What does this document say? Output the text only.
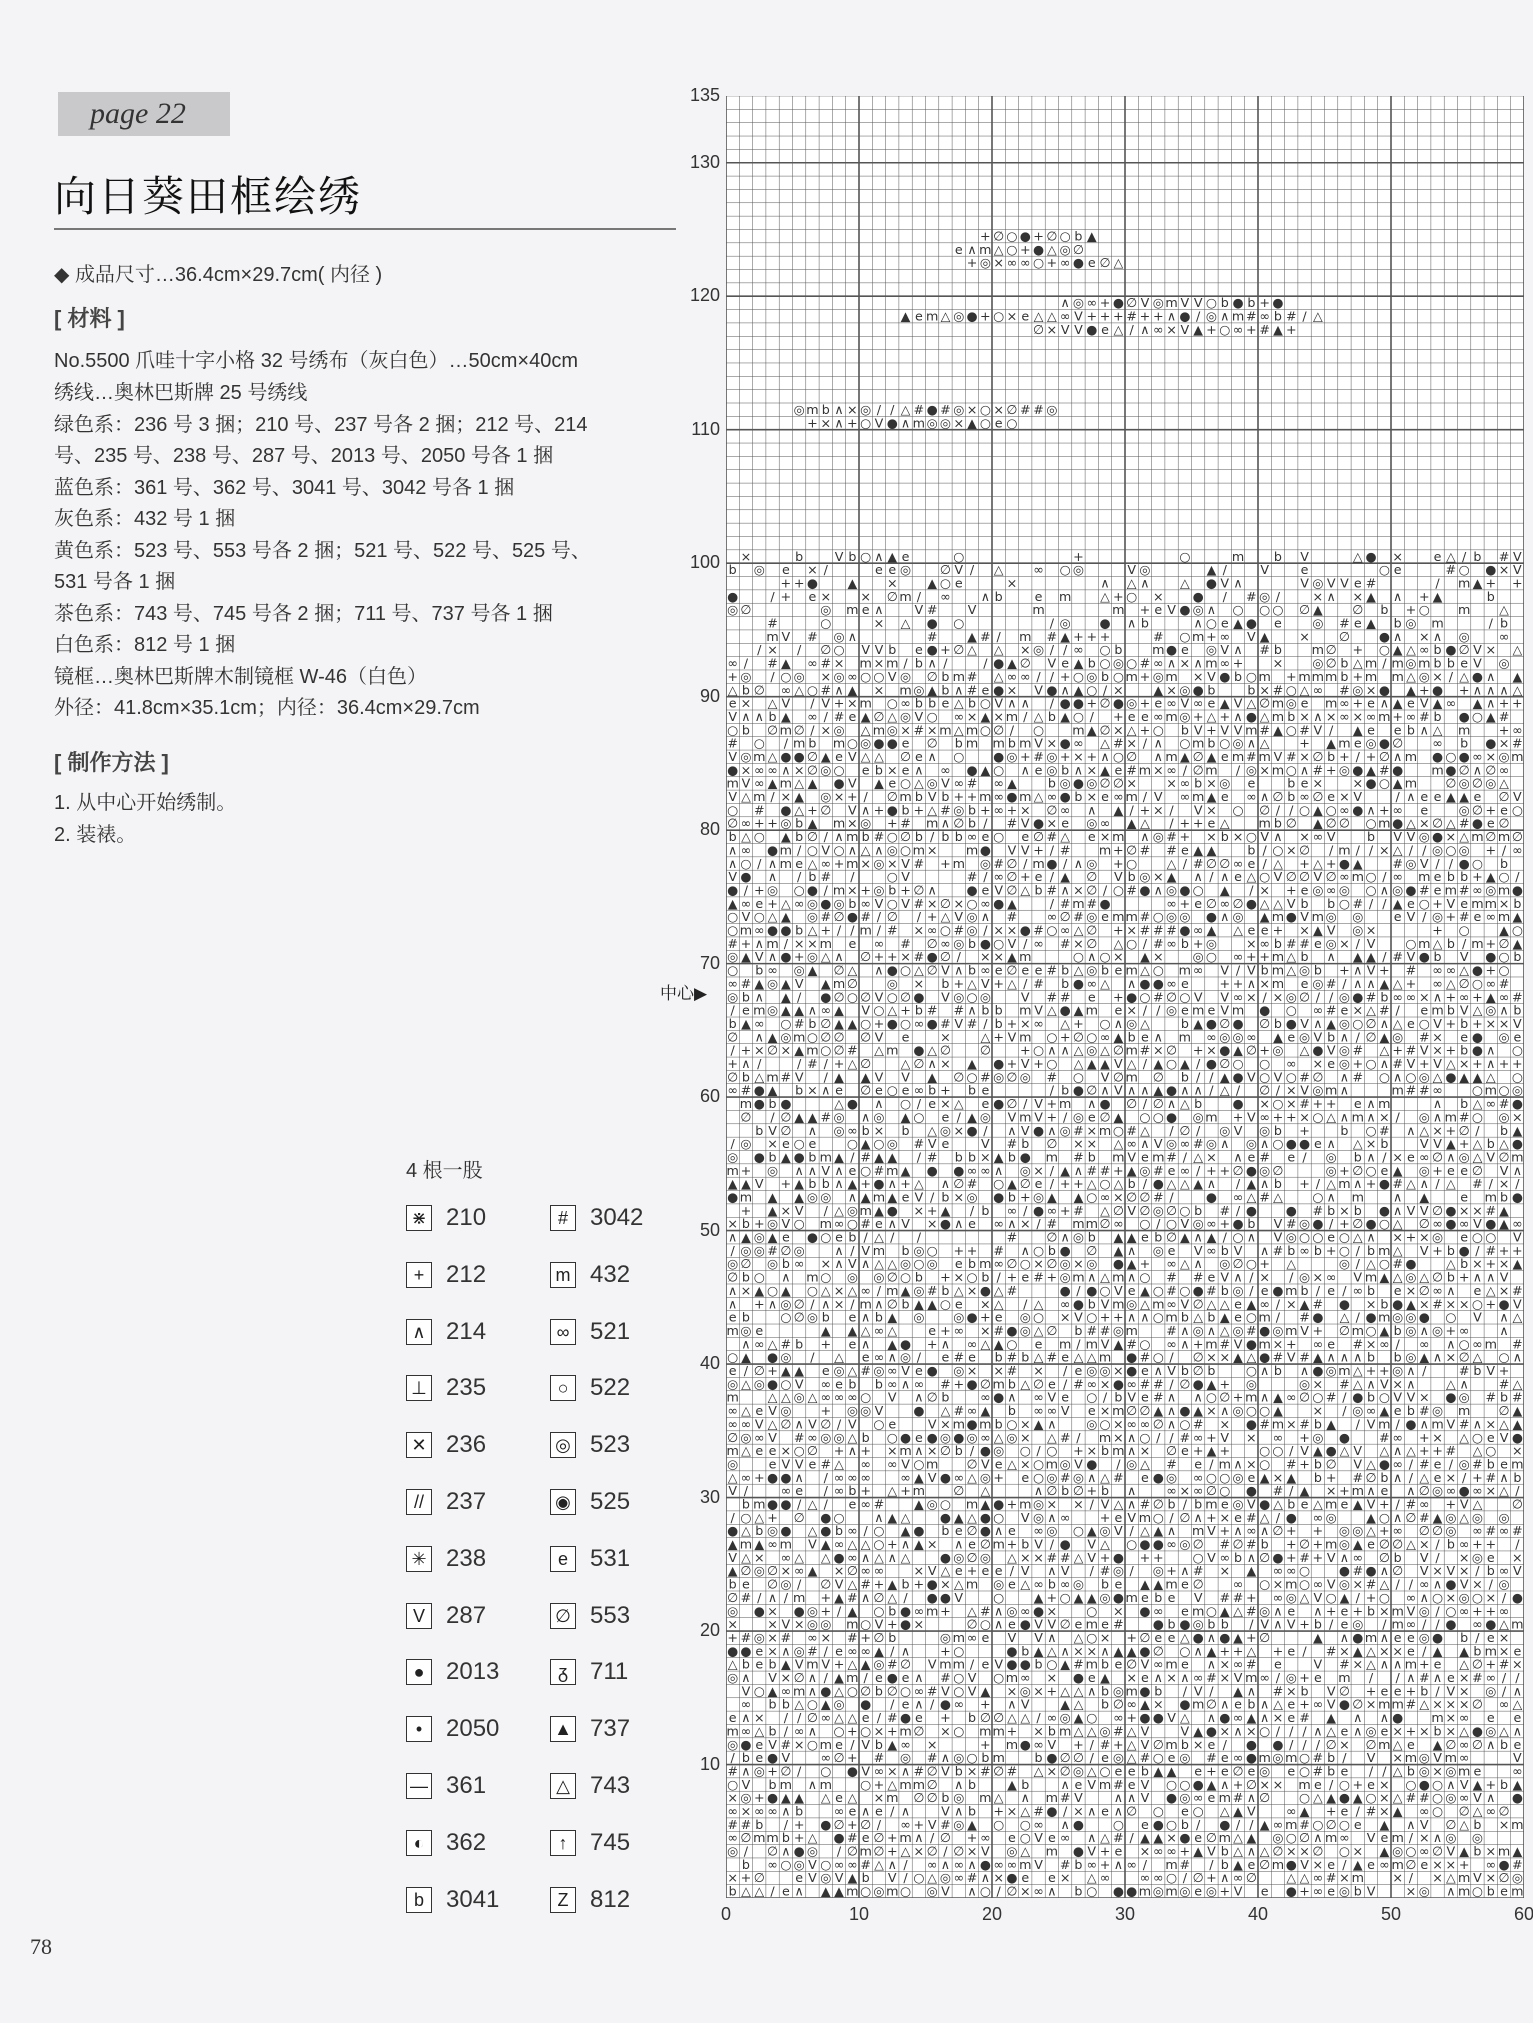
page 22
向日葵田框绘绣
◆ 成品尺寸…36.4cm×29.7cm( 内径 )
[ 材料 ]
No.5500 爪哇十字小格 32 号绣布（灰白色）…50cm×40cm
绣线…奥林巴斯牌 25 号绣线
绿色系：236 号 3 捆；210 号、237 号各 2 捆；212 号、214
号、235 号、238 号、287 号、2013 号、2050 号各 1 捆
蓝色系：361 号、362 号、3041 号、3042 号各 1 捆
灰色系：432 号 1 捆
黄色系：523 号、553 号各 2 捆；521 号、522 号、525 号、
531 号各 1 捆
茶色系：743 号、745 号各 2 捆；711 号、737 号各 1 捆
白色系：812 号 1 捆
镜框…奥林巴斯牌木制镜框 W-46（白色）
外径：41.8cm×35.1cm；内径：36.4cm×29.7cm
[ 制作方法 ]
1. 从中心开始绣制。
2. 装裱。
4 根一股
⋇ 210
+ 212
∧ 214
⊥ 235
✕ 236
// 237
✳ 238
V 287
● 2013
• 2050
— 361
◐ 362
b 3041
# 3042
m 432
∞ 521
○ 522
◎ 523
◉ 525
e 531
∅ 553
ᵹ 711
▲ 737
△ 743
↑ 745
Z 812
135
130
120
110
100
90
80
70
60
50
40
30
20
10
0	10	20	30	40	50	60
中心▶
+ ∅ ○ ● + ∅ ○ b ▲
e ∧ m △ ○ + ● △ ◎ ∅
+ ◎ × ∞ ∞ ○ + ∞ ● e ∅ △
∧ ◎ ∞ + ● ∅ V ◎ m V V ○ b ● b + ●
▲ e m △ ◎ ● + ○ × e △ △ ∞ V + + + # + + ∧ ● / ◎ ∧ m # ∞ b # / △
∅ × V V ● e △ / ∧ ∞ × V ▲ + ○ ∞ + # ▲ +
◎ m b ∧ × ◎ / / △ # ● # ◎ × ○ × ∅ # # ◎
+ × ∧ + ○ V ● ∧ m ◎ ◎ × ▲ ○ e ○
×	b V b ○ ∧ ▲ e	○	+	○	m b V	△ ● × e △ / b # V
b ◎ e × /	e e ◎ ∅ V / △ ∞ ○ ◎	V ◎	▲ /	V e	○ e	# ○ ● × V
+ + ● ▲ × ▲ ○ e	×	∧ △ ∧ △ ● V ∧	V ◎ V V e #	/ m ▲ + +
●	/ + e × × ∅ m / ∞ ∧ b	e m △ + ○ × ● / # ◎ /	× ∧ × ▲ ∧ + ▲	b
◎ ∅	◎ m e ∧ V # V	m	m + e V ● ◎ ∧ ○ ○ ○ ∅ ▲ ∅ b + ○ m △
#	○	× △ ● ○	/ ◎ ● ∧ b	∧ ○ e ▲ ● e ◎ # e ▲ b ◎ m	/ b
m V # ◎ ∧	# ▲ # / m # ▲ + + +	# ○ m + ∞ V ▲ × ∅ ● ∧ × ∧ ◎ ∞
/ × / ∅ ○ V V b e ● + ∅ △ △ × ◎ / / ∞ ○ b m ● e ◎ V ∧ # b m ∅ + ○ ▲ △ ∞ b ● ∅ V × △
∞ / # ▲ ∞ # × m × m / b ∧ /	/ ● ▲ ∅ V e ▲ b ○ ◎ ○ # ∞ ∧ × ∧ m ∞ + × ◎ ∅ b △ m / m ◎ m b b e V ◎
+ ◎ / ○ ◎ × ◎ ∞ ○ ○ V ◎ ∅ b m # △ ∞ ∞ / / + ○ ◎ b ○ m + ◎ m × V ● b ○ m + m m m b + m m △ ◎ × / △ ● ∧ ▲
△ b ∅ ∞ △ ○ # ∧ ▲ × m ◎ ▲ b ∧ # e ● × V ● ∧ ▲ ○ / × ▲ × ◎ ● b	b × # ○ △ ∞ # ◎ × ● ▲ + ● + ∧ ∧ ∧ △
e × △ V / V + × m ○ ∞ b b e △ b ○ V ∧ ∧ / ● ● + ∅ ● ◎ + e ∞ V ∞ e ▲ V △ ∅ m ◎ e m ∞ + e ∧ ▲ e V ▲ ∞ ▲ ∧ + +
V ∧ ∧ b ▲ ∞ / # e ▲ ∅ △ ◎ V ○ ∞ × ▲ × m / △ b ▲ ○ / + e e ∞ m ◎ + △ + ∧ ● △ m b × ∧ × ∞ × ∞ m + ∞ # b ● ○ ▲ #
○ b ∅ m ∅ / × ◎ △ m ◎ × # × m △ m ○ ∅ / ○ m ▲ ∅ × △ + ○ b V + V V m # ▲ ○ # V / ▲ e e b ∧ △ m + ∞
# ○ / m b m ○ ◎ ● ● e ∅ b m m b m V × ● ∞ △ # × / ∧ ○ m b ○ ◎ ∧ △ + ▲ m e ◎ ● ∅ ∞ b ● × #
V ◎ m △ ● ● ∅ ▲ e V △ △ ∅ e ∧ ○ ● ◎ + # ◎ + × + ∧ ○ ∅ ∧ m ▲ ∅ ▲ e m # m V # × ∅ b + / + ∅ ∧ m ● ○ ● ∞ × ◎ m
● × ∞ ∞ ∧ × ∅ ◎ ○ e b × e ∧ ∞ ● ▲ ○ ∧ e ◎ b ∧ × ▲ e # m × ∞ / ∅ m / ◎ × m ○ ∧ # + ◎ ● ▲ # ● m ● ∅ ∧ ∅ ∞
m V ∞ ▲ m △ ▲ ● V ▲ e ○ △ ◎ V ∞ # ∞ ▲ b ◎ ● ◎ ∅ ∅ × × ∞ b × ◎ e	b e × × ● ○ ▲ m ∅ ◎ ∅ ◎ △
V △ m / × ▲ ◎ × + / ∅ m b V b + + m ∞ ● m △ ∞ ● b × e ∞ m / V ∞ m ▲ e ∞ ∧ ∅ b ∞ ∅ e × V	/ ∧ e e ▲ ▲ e ∅ V
○ # ● △ + ∅ V ∧ + ● b + △ # ◎ b + ∞ + × ∅ ∞ ∧ ▲ / + × / V × ○ ∅ / / ○ ▲ ○ ∞ ● ∧ + ∞ e ◎ ∅ + e ○
∅ ∞ + + ◎ b ▲ m × ◎ + # m ∧ ∅ b / # V ● × e ◎ ∞ ▲ △ / + + e △ m b ∅ ▲ ∅ ∅ ○ m ● △ × ∅ △ # ● e ∅
b △ ○ ▲ b ∅ / ∧ m b # ○ ∅ b / b b ∞ e ○ e ∅ # △ e × m ∧ ◎ # + × b × ○ V ∧ × ∞ V b V V ◎ ● × △ m ∅ m ∅
∧ ∞ ● m / ○ V ○ ∧ △ ∧ ◎ ○ m × m ● V V + / # m + ∅ # # e ▲ ▲ b / ○ × ∅ / m / / × △ / / ◎ ○ ◎ + / ∞
∧ ○ / ∧ m e △ ∞ + m × ◎ × V # + m ◎ # ∅ / m ● / ∧ ◎ + ○ △ / # ∅ ∅ ∞ e / △ + △ + ● ▲ # ◎ V / / ● ○ b
V ● ∧ / b # /	○ V	# / ∞ ∅ + e / ▲ ∅ V b ◎ × ▲ ∧ / ∧ e △ ○ V ∅ ∅ V ∅ ∞ m ○ / ∞ m e b b + ▲ ○ /
● / + ◎ ○ ● / m × + ◎ b + ∅ ∧ ● e V ∅ △ b # ∧ × ∅ / ○ # ● ∧ ◎ ● ○ ▲ / × + e ◎ ∞ ◎ ○ ∧ ◎ ● # e m # ∞ ◎ m ●
▲ ∞ e + △ ∞ ◎ ● ◎ b ∞ V ○ V # × ∅ × ○ ∞ ● ▲	/ # m # ●	∞ + e ∅ ∞ ∅ ● △ △ V b b ○ # / / ▲ e ○ + V e m m × b
○ V ○ △ ▲ ◎ # ∅ ● # / ∅ / + △ V ◎ ∧ # ∞ ∅ # ◎ e m m # ○ ◎ ◎ ● ∧ ◎ ▲ m ● V m ◎ ◎ e V / ◎ + # e ∞ m ▲
○ m ∞ ● ● b △ + / / m / # × ∞ ○ # ◎ / × × ● # ○ ∞ △ ∅ + × # # # ● ∞ ▲ △ e e + × ▲ V ◎ ×	+ ○ ▲ ○
# + ∧ m / × × m e ∞ # ∅ ∞ ◎ b ● ○ V / ∞ # × ∅ △ ○ / # ∞ b + ◎ × ∞ b # # e ◎ × / V ○ m △ b / m + ∅ ▲
◎ ▲ V ∧ ● + ◎ △ ∧ ∅ + + × # ● ∅ / × × ▲ m	○ ∧ ○ × ▲ × ◎ ○ ∞ + + m △ b ∧ ▲ ▲ / # V ● b V ● ○ b
○ b ∞ ◎ ▲ ∅ △ ∧ ● ○ △ ∅ V ∧ b ∞ e ∅ e e # b △ ◎ b e m △ ○ m ∞ V / V b m △ ◎ b + ∧ V + # ∞ ∞ △ ● + ○
∞ # ▲ ◎ ▲ V ▲ m ∅ ◎ × b + △ V + △ / # b ● ∞ △ ∧ ● ● ∞ e + + ∧ × m e ◎ # / ∧ ∧ ▲ △ + ∞ △ ∅ ○ ∞ #
◎ b ∧ ▲ / ● ∅ ○ ∅ V ○ ∅ ● V ◎ ○ ◎ V # # e + ● ○ # ∅ ○ V V ∞ × / × ◎ ∅ / / ◎ ● # b ∞ ∞ × ∧ + ∞ + ▲ ∞ #
/ e m ◎ ▲ ▲ ∧ ∞ ▲ V ○ △ + b # # ∧ b b m V △ ● ▲ m e × / / ◎ e m e V m ● ○ ∞ # e × △ # / e m b V △ ◎ ∧ b
b ▲ ∞ ○ # b ∅ ▲ ▲ ○ + ● ○ ∞ ● # V # / b + × ∞ △ + ○ ∧ ◎ △ b ▲ ● ∅ ● ∅ b ● V ∧ ▲ ◎ ○ ∅ ∧ △ e ○ V + b + × × V
∅ ∧ ▲ ◎ m ○ ∅ ∅ ∅ V e × △ + V m ○ + ∅ ○ ∞ ▲ b e ∧ m ∞ ◎ ◎ ∞ ▲ e ◎ V b ∧ / ∅ ▲ ◎ # × e ● ◎ e
/ + × ∅ × ▲ m ○ ∅ # △ m ● △ ∅ ∅ + ○ ∧ ∧ △ ◎ △ ∅ m # × ∅ + × ● ▲ ∅ + ◎ △ ● V ◎ # △ + # V × + b ● ∧ ○
+ ∧ /	/ # / + △ ∅ △ ∅ ∧ × ▲ ● + V + ○ △ ▲ ▲ V △ / ▲ ○ ▲ / ● ∅ ○ ○ ∞ × e ◎ + ○ ∧ # V + V △ × + ∧ + +
∅ b △ m # V / ▲ ▲ V V ▲ ∅ ○ # ◎ ∅ ◎ # ○ V ∅ m ∅ b / / ▲ ● V ○ V ○ # ∅ ∧ # ○ ∧ ○ ◎ △ ● ▲ ▲ △ ○
∞ # ● ▲ b × ∧ e ∅ e ○ e ∞ b + b e	/ b ● ∅ ∧ V ∧ ∧ ▲ ● ∧ ∧ / △ / ∅ / × V ◎ m ∧	m # # ∞ ○ m ○ ◎
m ● b ●	△ ● ∧ ○ / e × △ e ● ∅ / V + m ∧ ● ∅ / ∅ ∧ △ b ● × ○ × # + + e ∧ m	∧ b △ ∞ # ●
∅ / ∅ ▲ ▲ # ◎ ∧ ◎ ▲ ○ e / ▲ ◎ V m V + / ◎ e ∅ ▲ ○ ○ ● ◎ m + V ∞ + + × ○ △ ∧ m ∧ × / ◎ ∧ m # ○ ◎ ×
b V ∅ ∧ ◎ ∞ b × b △ ◎ × ● / ∧ V ● ∧ ◎ # × m ○ # △ / ∅ / ◎ V ◎ b + b ○ # ∧ △ × + ∅ / b ▲
/ ◎ × e ○ e ○ ▲ ○ ◎ # V e V # b ∅ × × △ ∞ ∧ V ◎ ∞ # ◎ ∧ ◎ ∧ ○ ● ● e ∧ △ × b V V ▲ + △ b △ ●
◎ ● b ▲ ● b m ▲ / # ▲ ▲ / # b b × ▲ b ● m # b m V e m # / △ × ∧ e # e / ◎ b ∧ / × e ∞ ∅ ∧ ◎ △ V ∅ m
m + ◎ ∧ ∧ V ∧ e ○ # m ▲ ● ● ∞ ∞ ∧ ◎ × / ▲ ∧ # # + ▲ ◎ # e ∞ / + + ∅ ● ◎ ∅	◎ + ∅ ○ e ▲ ◎ + e e ∅ V ∧
▲ ▲ V + ▲ b b ∧ ▲ + ● ∧ + △ ∧ ∅ # ○ ▲ ∅ e / + + △ ○ △ b / ● △ △ ▲ ∧ / ▲ ∧ b + / △ m ∧ + ● # △ ∧ / △ # / × /
● m ▲ ▲ ◎ ◎ ∧ ▲ m ▲ e V / b × ◎ ● b + ◎ ▲ ▲ ○ ∞ × ∅ ∅ # /	● ∞ △ # △ ○ ∧ m ∧ ▲ e m b ●
+ ▲ × V / △ ◎ m ▲ ● × + ▲ / b ∞ / ● ∞ + # △ ∅ V ∅ ◎ ∅ ○ b # / ● ● # b × b ● ∧ V V ∅ ● × × # ▲
× b + ◎ V ○ m ∞ ○ # e ∧ V × ● ∧ e ∞ ∧ × / # m m ∅ ∞ ○ / ○ V ◎ ∞ + ● b V # ◎ ● / + ∅ ● ○ △ ∅ ∞ ● ∞ V ● ▲ ∞
∧ ▲ ◎ ▲ e ● ○ e b / △ / /	# ∅ ∧ ◎ b ▲ ▲ e b ∅ ▲ ∧ ▲ / ○ ∧ V ◎ ○ ○ e ○ △ ∧ × + × ◎ e ○ ○ V
/ ◎ ◎ # ∅ ◎ ∧ / V m b ◎ ○ + + # ∧ ○ b ● ∅ ▲ ∧ ◎ e V ∞ b V ∧ # b ∞ b + ○ / b m △ V + b ● / # + +
◎ ∅ ◎ b ∞ × ∧ V ∧ △ △ ◎ ○ ◎ e b m ∞ ∅ ○ × ∅ ◎ × ◎ ● ▲ + ∞ △ ∧ ◎ ∅ ○ + △	◎ / △ ○ # ● △ b × + × ▲
∅ b ○ ∧ m ○ ◎ ◎ ∅ ○ b + × ○ b / + e # + ◎ m ∧ △ m ∧ ○ # # e V ∧ / × / ◎ × ∞ V m ▲ △ ◎ △ ∅ b + ∧ ∧ V
∧ × ▲ ○ ▲ ○ △ × △ ∞ / m ▲ ◎ # b △ × ● △ #	● / ● ○ V e ▲ ○ # ○ ● # b ◎ / e ● m b / e / ∞ b e × ∅ ∞ ∧ e △ × #
∧ + ∧ ◎ ∅ / ∧ × / m ∧ ∅ b ▲ ▲ ○ e × △ / △ ∞ ● b V m ◎ △ m ∞ V ∅ △ △ e ▲ ∞ / × ▲ # ● × b ● ▲ × # × × ○ + ● V
e b ○ ∅ ◎ b e ∧ b ▲ ◎ ◎ ● + e ◎ ○ × V ○ + + ∧ ∧ ○ m b △ b ▲ e ○ m / # ● △ / ● m ◎ ◎ ● ○ V ∧ △
m ◎ e	▲ ▲ △ ∞ △ e + ∞ × # ● ◎ △ ∅ b # # ◎ m # ∧ ◎ ∧ △ ◎ # ● ◎ m V + ∅ m ○ ▲ b ◎ ∧ ◎ + ∞ ∧
∧ ∞ △ # b + e ∧ ▲ ● + ∧ ∞ △ ▲ ○ e m / m V ▲ # ○ ∞ ∧ + m # V ● m × + ∞ e # × ∞ / ∞ ∧ ○ ∞ m #
○ ▲ ● ◎ / △ e ∞ ∧ ◎ / e # e b # b △ # e △ △ m ● # ○ / ∅ × × ▲ △ ● # V # ▲ ∧ ∧ ∧ b b ◎ ▲ ∧ × ∅ △ ○ ∧
e / ∅ + ▲ ▲ e ◎ △ # ◎ ∞ V e ● ◎ × × # × / e ◎ ◎ × ● e ∧ V b ∅ b ○ ∧ b ∧ ● ◎ m △ + + ◎ ∧ /	# b V +
◎ △ ◎ ● ○ V ∞ e b b ∞ ∧ ∞ # + ● ∅ m b △ ∅ e / # ∞ × ● ∞ # # / ∅ ● ▲ + ◎	◎ × # △ ∧ V × ∧ △ ∧ # △
m △ △ ◎ △ ∞ ∞ ∞ ○ V ∧ ∅ b ∞ ● ∧ ∞ V e ○ / b V e # ∧ ∧ ○ ∅ + m ∧ ▲ ∞ ∅ ○ # / ● b ○ V V × ● ◎ # b #
∞ △ e V ◎ + ◎ ◎ V ● △ # ∞ ▲ b ∞ ∞ V e × m ∅ ∅ ▲ ∧ ● ▲ × ∧ ◎ ○ ○ ▲ × / ◎ ∞ ▲ e b # ◎ m ∅ ▲
∞ ∞ V △ ∅ ∧ V ∅ / V ○ e V × m ● m b ○ × ▲ ∧ ◎ ○ × ∞ ∞ ∅ ∧ ○ # × ● # m × # b ▲ / V m / ● ∧ m V # ∧ × △ ▲
∅ ◎ ∞ V # ∞ ◎ ◎ △ b ○ ● e ● ◎ ● ◎ ∞ △ ◎ × △ # / m × ∧ ○ / / # ∞ + V × ∞ + ◎ ● # ∞ + × △ ○ e V ●
m △ e e × ○ ∅ + ∧ + × m ∧ × ∅ b / ● ◎ ○ / ○ + × b m ∧ × ∅ e + ▲ + ○ ○ / V ▲ ● △ V △ ∧ △ + + # △ ○ ×
◎ e V V e # △ ∞ ∞ V ○ m ∅ V e △ × ○ m ◎ V ● / ◎ △ # e / m ∧ × ○ # + b ∅ V △ ● ∞ / # e / ◎ # b e m
△ ∞ + ● ● ∧ / ∞ ∞ ∞ ∞ ▲ V ● ∞ △ ◎ + e ○ ◎ # ◎ ∧ △ # e ● ◎ ∞ ○ ○ ◎ e ▲ × ▲ b + # ∅ b ∧ / △ e × / + # ∧ b
V /	∞ e / ∞ b + △ + m ∅ △	∧ ∅ b ∅ + b ∧ ∞ × ∞ ∅ ○ ● # / ▲ × + m ∧ e ∧ ∅ ◎ ∞ ● ∞ × △ /
b m ● ● / △ / e ∞ # ▲ ◎ ○ m ▲ ● + m ◎ × × / V △ ∧ # ∅ b / b m e ◎ V ● △ b e △ m e ▲ V + / # ∞ + V △ ∅
/ ○ △ + ∅ ● ○ ∧ ▲ △ ● ▲ △ ● ○ V ◎ ∧ ∞ + e V m ○ / ∅ ∧ + × e # △ / ● ∞ ◎ ▲ ○ ∧ ∅ # ▲ ◎ △ ◎ ◎
● △ b ◎ ● △ ● b ∞ / ○ ▲ ● b e ∅ ● ∧ e ∞ ◎ ○ ▲ ◎ V / △ ▲ ∧ m V + ∧ ∞ ∧ ∅ + + ◎ ◎ △ + ∞ ∅ ∅ ◎ ∞ # ∞ #
▲ m ▲ ∞ m V ▲ ∞ △ △ ○ + ∧ ▲ × ∧ e ∅ m + b V / ● V △ ○ ● ● ∞ ◎ ∅ # ∅ # b + ∅ + m ◎ ▲ e ∅ ∅ △ × / b ∞ + + /
V △ × ∞ △ △ ● ∞ ∧ △ ∧ △ ● ◎ ∅ ◎ △ × × # # △ V + ● + + ○ V ∞ b ∧ ∅ ● + # + V ∧ ∞ ∅ b V / × ◎ e ×
▲ ∅ ◎ ∅ × ∞ ▲ × ∅ ∞ ∞ × V △ e + e e / V ∧ V / # ◎ / ◎ + ∧ # × ▲ ∞ ∞ ○ ● # ● ∧ ∅ V × V × / b ∞ V
b e ∅ ◎ / ∅ V △ # + ▲ b + ● × △ m ◎ e △ ∞ b ∞ ◎ b e ▲ ▲ m e ∅ ∞ ○ × m ○ ∞ V ◎ × # △ / / ∞ ∧ ● V × / ◎
∅ # / ∧ / m + ▲ # ∧ ∅ △ / ● ● V ○ ▲ + ○ ▲ ▲ ◎ ● m e b e V # # + ∞ ◎ △ V ○ ▲ / + ○ ∞ ∧ ○ × ◎ ○ × / ●
◎ ● × ● ◎ + / ▲ ○ b ● ∞ m + △ # ∧ ◎ ∞ ● × ○ × ● ∞ e m ○ ▲ △ # ◎ ∧ e ∧ + e + b × m V ◎ / ○ ∞ + + ∞
× × V × ◎ ◎ m ○ V + ● ×	∅ ○ ∧ e ● V V ∅ e m e # ● b ● ◎ b b / V ∧ V + b / e ◎ / m ∞ / / ● ∞ ● △ m
+ # ◎ × # ∞ × # + ∅ b	◎ m ∞ e V V ∧ △ ○ × + ∅ e e △ ● ∧ ● ▲ + ∅	▲ ∧ ● m ∧ e e ◎ ● b / e ×
● ● e × ∧ ◎ # / e ∞ ∞ ▲ / ∧ + ○	● b ▲ △ ∧ × × ∧ ▲ ▲ ● ∅ ○ ∧ ▲ + + △ + e / # × ▲ △ × × e / ▲ ▲ b m × e
△ b e b ▲ V m V + △ ▲ ◎ # ∅ V m m / e V ● ● b ○ ▲ # m b e ∅ V ∞ m e ∧ × ∞ # e V # × △ ∧ ∧ m + e △ ∅ + # ×
◎ ∧ V × ∅ ∧ / ▲ m / e ● e ∧ # ○ V ○ m ∞ × ● e ▲ × e ∧ × ∧ ∞ # × V m ∞ / ◎ + e m / / ∧ # ∧ e × # ∞ / /
V ○ ▲ ∞ m ∧ ● △ ○ ∅ b ∅ ○ ∞ # V ○ V ▲ × ◎ × + △ △ ∧ b ◎ m ● b / V / ▲ ∧ # × b V ∅ + e e + b / V × ◎ / ∧
∞ b b △ ○ ▲ ◎ ● / e ∧ / ● ∞ + ∧ V ▲ △ b ∅ ∞ ▲ × ● m ∅ ∧ e b ∧ △ e + ∞ V ● ∅ × m m # △ × × × ∅ ∞ △
e ∧ × / / ∅ ∞ △ △ e / # ● e + b ∅ ∅ △ △ / ∞ ◎ ▲ ○ ∞ + ● ● V △ ∧ ● ∞ ▲ ∧ × e # ▲ ∧ ∧ ● m × ∞ e e
m ∞ △ b / ∞ ∧ ○ + ○ × + m ∅ × ○ m m + × b m △ △ ◎ # △ V V ▲ ● × ∧ × ○ / / / ∧ △ e ∧ ◎ e × + × b × △ ● ◎ △ ∧
◎ ● e V # × ○ m e / V b ▲ ∞ ×	+ m ● ∞ V + / # + △ V ∅ m b × e / ● ● / / / ∅ × ∅ m △ e ▲ ∅ ∞ ∅ ∧ b e
/ b e ● V ∞ ∅ + # ◎ # ∧ ◎ ○ b m b ● ∅ ∅ / e ◎ △ # ○ e ◎ # e ∞ ● m ◎ m ○ # b / V × m ◎ V m ∞	V
# ∧ ◎ + ∅ / ○ ● V ∞ × ∧ # ∅ V b × # ∅ # △ × ∅ ◎ △ ○ e e b ▲ ▲ e + e ∅ e ◎ e ○ # b e / / △ b ◎ × ◎ m e ∞
○ V b m ∧ m ○ + △ m m ∅ ∧ b ▲ b ∧ e V m # e V ○ ○ ● ▲ ∧ + ∅ × × m e / ○ + e × ○ ● ○ ∧ V ▲ + b ▲
× ◎ + ● ▲ ▲ △ e △ × m ∅ ∅ b ◎ m △ ∧ m # V ∧ ∧ V ● ◎ ∞ e m # ∧ ∅ ○ △ ▲ ● ▲ ○ × △ # # ○ ◎ ∞ V ∧ ●
∞ × ∞ ∞ ∧ b ∞ e ∧ e / ∧ V ∧ b + × △ # ● / × ∧ e ∧ ∅ ○ e ○ △ ▲ V ∞ ▲ + e / # × ▲ ∞ ○ ∅ △ ∞ ∅
# # b / + ● ∅ + ∅ / ∞ + V # ◎ ▲ ○ ○ ∞ ∧ ● ○ e ● ○ b / ● / / ▲ ∞ m # ○ ∅ ○ e ▲ ∧ V ∅ △ b × m
∞ ∅ m m b + △ ● # e ∅ + m ∧ / ∅ + ∞ e ○ V e ∞ ∧ △ # / ▲ ▲ × ● e ∅ m △ ▲ ◎ ○ ∅ ∧ m ∞ V e m / × ∧ ◎ ◎
◎ / ∅ ∧ ● ◎ / ∅ m ∅ + △ × ∅ / ∅ × V ◎ △ m ● V + e × ∞ ∞ + ▲ V b △ ∧ △ ∅ × × ∅ ○ × ▲ ◎ ○ ∞ ∅ V ▲ b × m ▲
b ∞ ○ ◎ V ○ ∞ ∞ # △ ∧ / ∞ ∧ ∞ ∧ ● ∞ ∞ m V # b ∞ + ∧ ∞ / m # / b ▲ e ∅ m ● V × e / ▲ e ∞ m ∅ e × × + ∞ ● #
× + ∅ e V ◎ V ▲ b V / ○ △ ◎ ∞ # ∧ × ● e e × △ ∞ ∞ ∞ ○ / ∅ + ∧ ∞ ∅ △ △ ∞ # × m × / × △ m V × ∅ ◎
b △ △ / e ∧ ▲ ▲ m ○ ◎ m ○ ◎ V ∧ ○ / ∅ × ∞ ∧ b ○ ● ● m ◎ m ◎ e ◎ + V e ● + ∞ e ◎ b V × ◎ ∧ m ○ b e m
78
